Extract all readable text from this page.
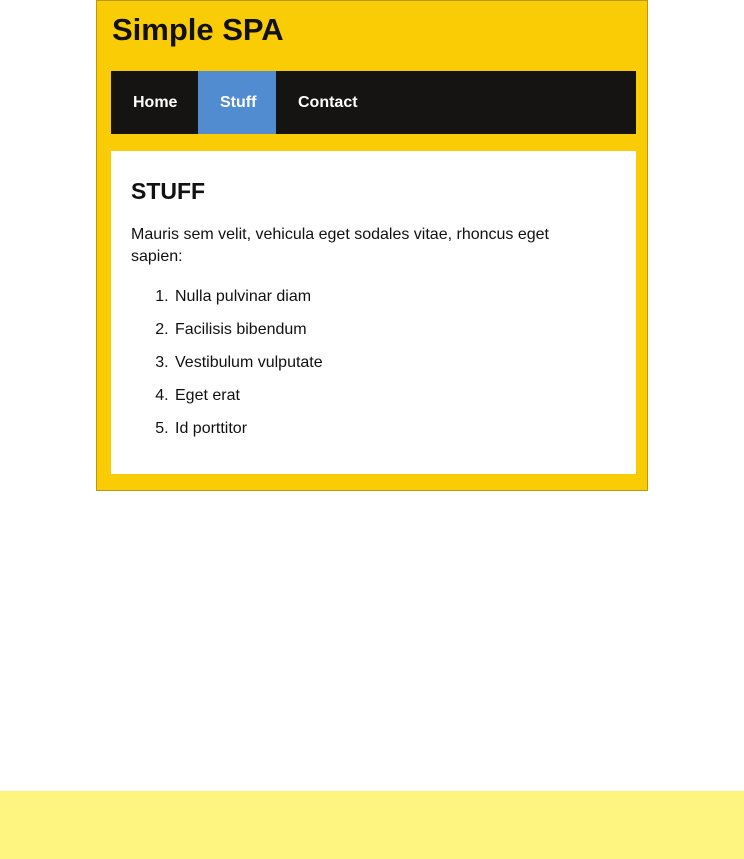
Simple SPA
Home	Stuff	Contact
STUFF

Mauris sem velit, vehicula eget sodales vitae, rhoncus eget sapien:

1. Nulla pulvinar diam
2. Facilisis bibendum
3. Vestibulum vulputate
4. Eget erat
5. Id porttitor
